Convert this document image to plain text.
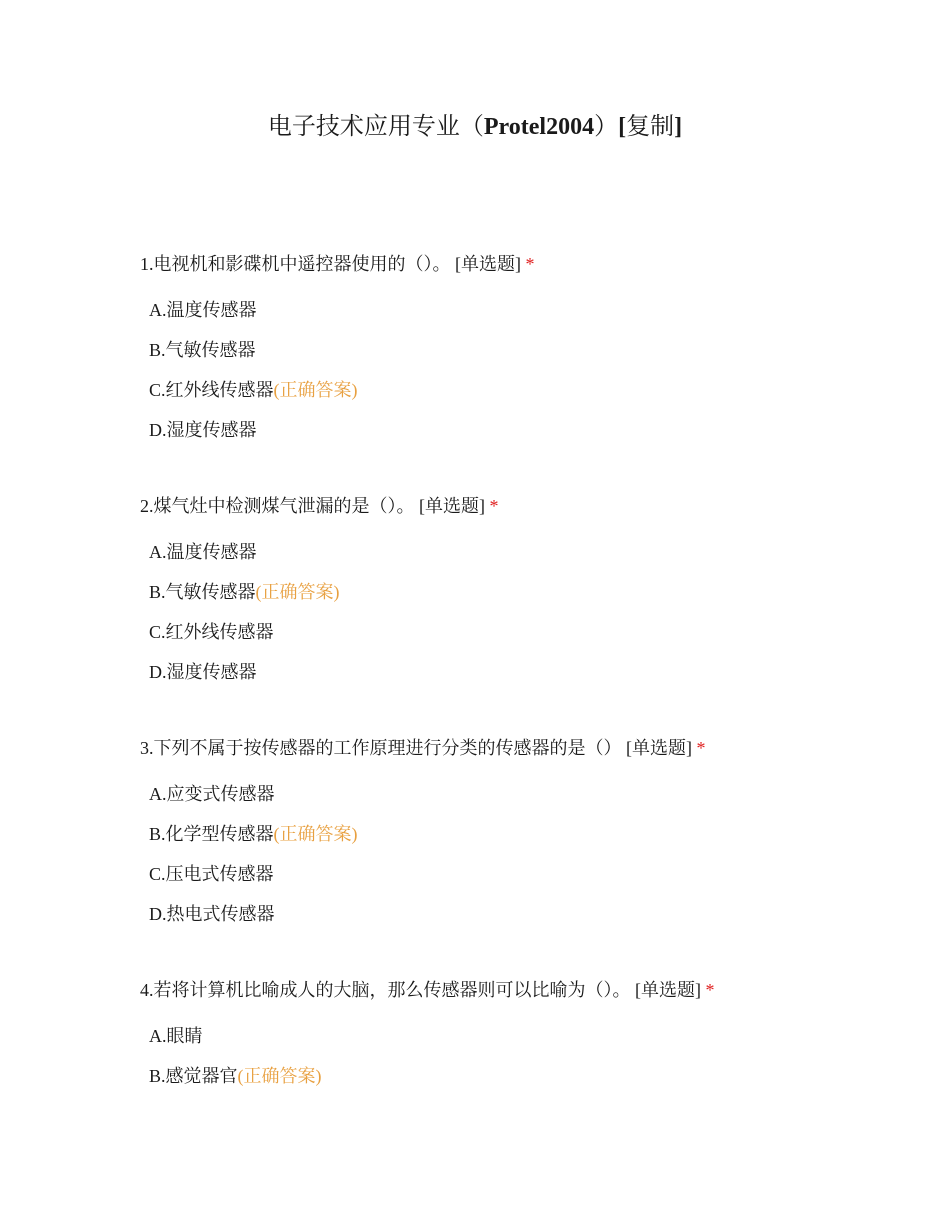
电子技术应用专业（Protel2004）[复制]
1.电视机和影碟机中遥控器使用的（）。 [单选题] *
A.温度传感器
B.气敏传感器
C.红外线传感器(正确答案)
D.湿度传感器
2.煤气灶中检测煤气泄漏的是（）。 [单选题] *
A.温度传感器
B.气敏传感器(正确答案)
C.红外线传感器
D.湿度传感器
3.下列不属于按传感器的工作原理进行分类的传感器的是（） [单选题] *
A.应变式传感器
B.化学型传感器(正确答案)
C.压电式传感器
D.热电式传感器
4.若将计算机比喻成人的大脑，那么传感器则可以比喻为（）。 [单选题] *
A.眼睛
B.感觉器官(正确答案)
